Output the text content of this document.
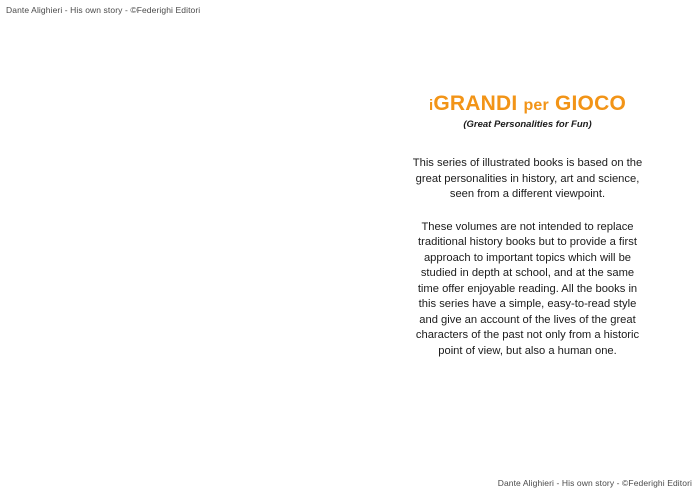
Dante Alighieri - His own story - ©Federighi Editori
iGRANDI per GIOCO
(Great Personalities for Fun)

This series of illustrated books is based on the great personalities in history, art and science, seen from a different viewpoint.

These volumes are not intended to replace traditional history books but to provide a first approach to important topics which will be studied in depth at school, and at the same time offer enjoyable reading. All the books in this series have a simple, easy-to-read style and give an account of the lives of the great characters of the past not only from a historic point of view, but also a human one.

Dante Alighieri - His own story - ©Federighi Editori
